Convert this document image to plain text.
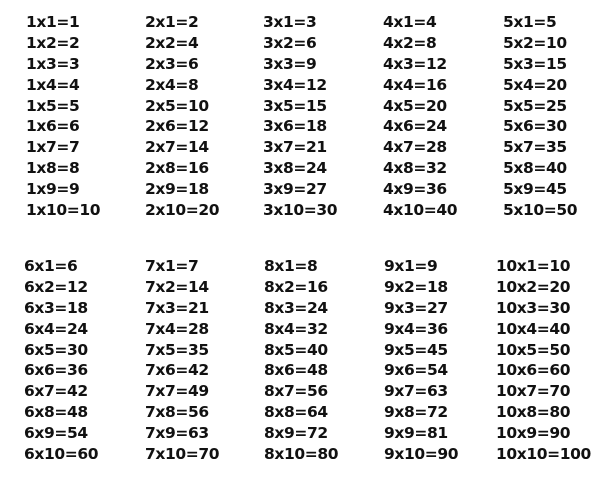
1x1=1
1x2=2
1x3=3
1x4=4
1x5=5
1x6=6
1x7=7
1x8=8
1x9=9
1x10=10
2x1=2
2x2=4
2x3=6
2x4=8
2x5=10
2x6=12
2x7=14
2x8=16
2x9=18
2x10=20
3x1=3
3x2=6
3x3=9
3x4=12
3x5=15
3x6=18
3x7=21
3x8=24
3x9=27
3x10=30
4x1=4
4x2=8
4x3=12
4x4=16
4x5=20
4x6=24
4x7=28
4x8=32
4x9=36
4x10=40
5x1=5
5x2=10
5x3=15
5x4=20
5x5=25
5x6=30
5x7=35
5x8=40
5x9=45
5x10=50
6x1=6
6x2=12
6x3=18
6x4=24
6x5=30
6x6=36
6x7=42
6x8=48
6x9=54
6x10=60
7x1=7
7x2=14
7x3=21
7x4=28
7x5=35
7x6=42
7x7=49
7x8=56
7x9=63
7x10=70
8x1=8
8x2=16
8x3=24
8x4=32
8x5=40
8x6=48
8x7=56
8x8=64
8x9=72
8x10=80
9x1=9
9x2=18
9x3=27
9x4=36
9x5=45
9x6=54
9x7=63
9x8=72
9x9=81
9x10=90
10x1=10
10x2=20
10x3=30
10x4=40
10x5=50
10x6=60
10x7=70
10x8=80
10x9=90
10x10=100
